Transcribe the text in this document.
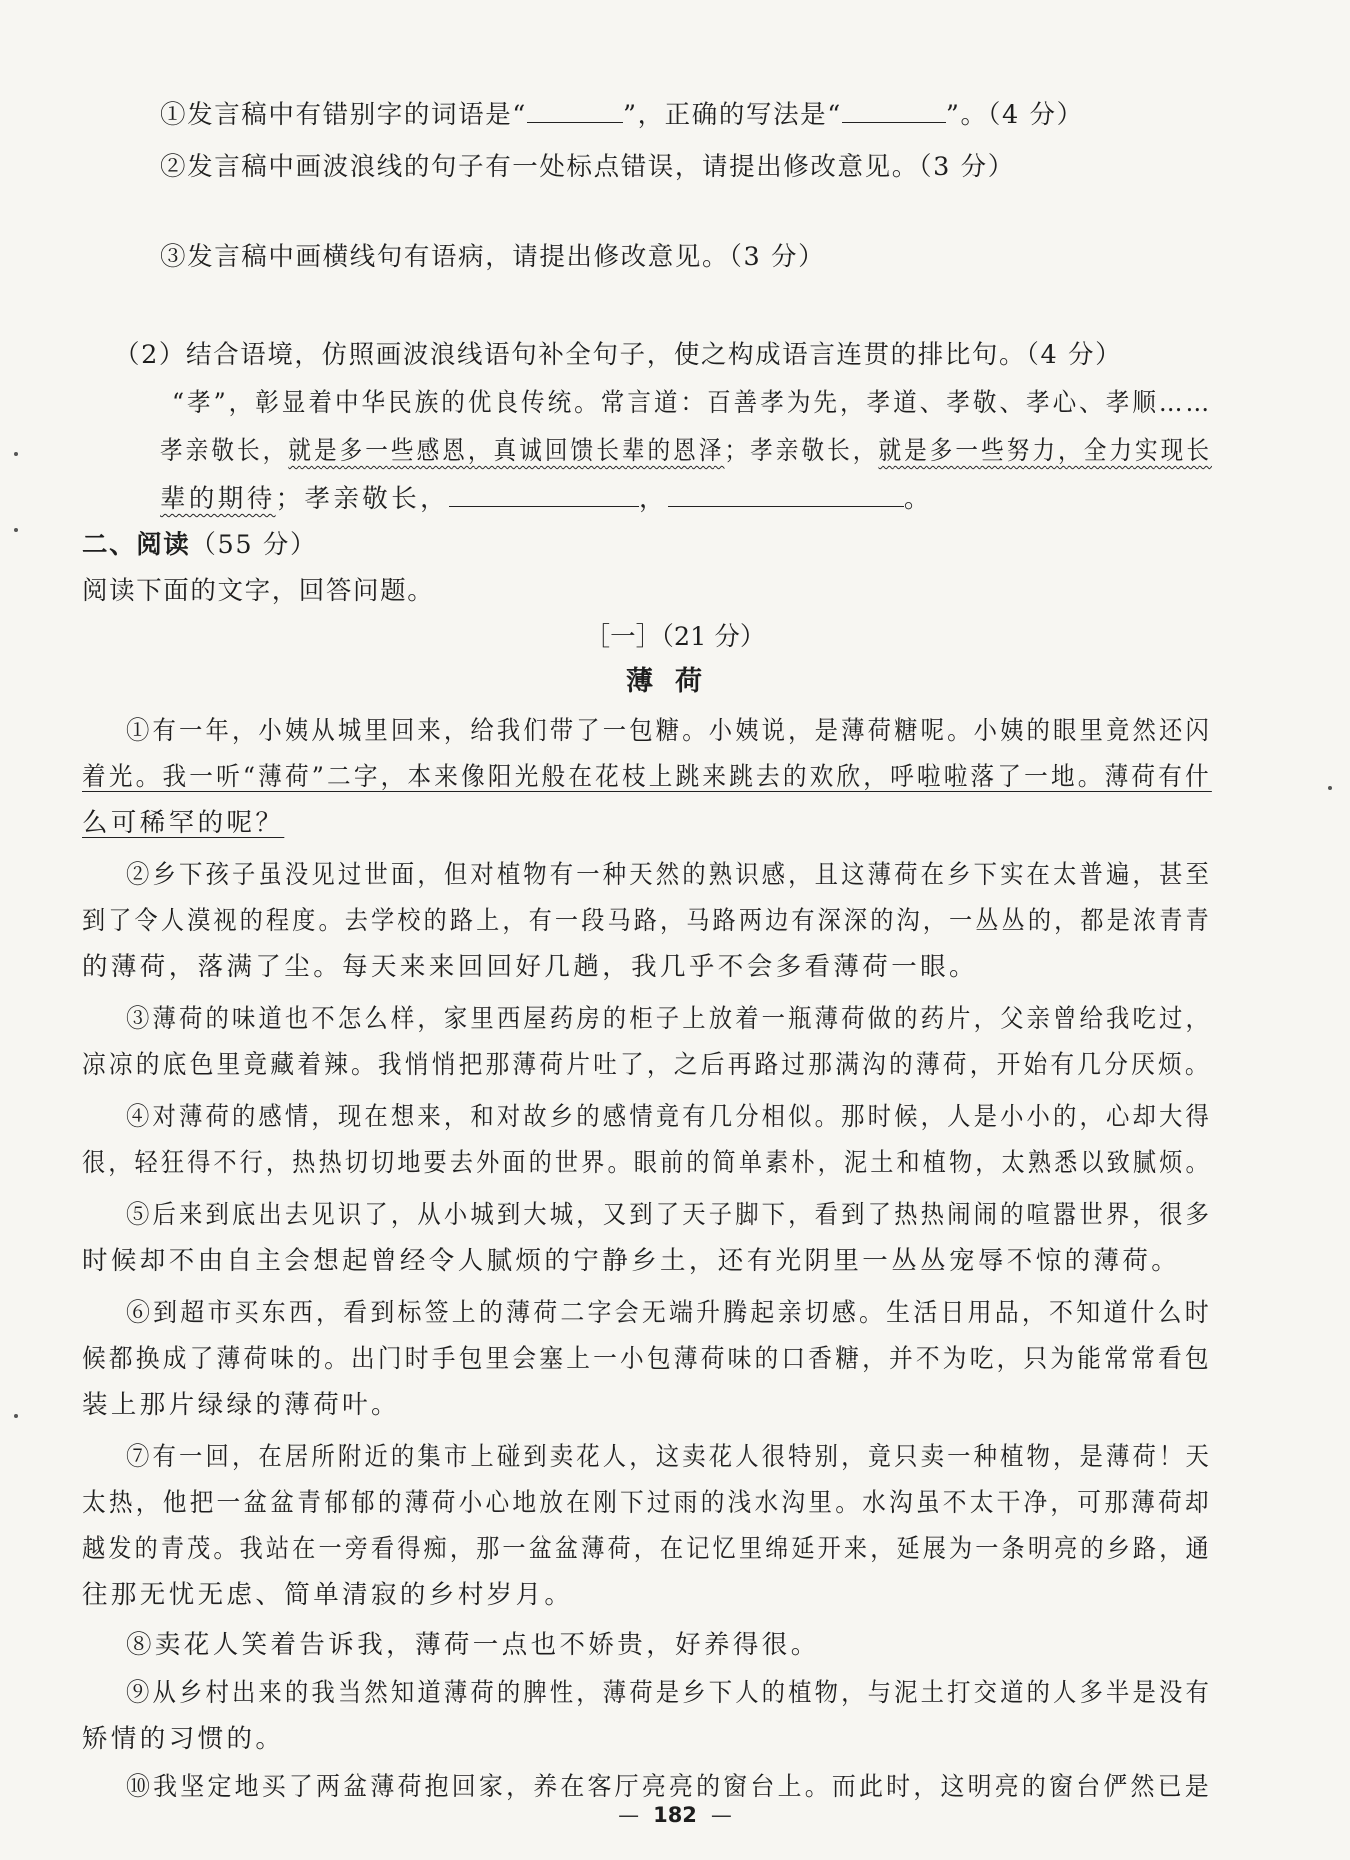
①发言稿中有错别字的词语是“	”，正确的写法是“	”。（4 分）
②发言稿中画波浪线的句子有一处标点错误，请提出修改意见。（3 分）
③发言稿中画横线句有语病，请提出修改意见。（3 分）
（2）结合语境，仿照画波浪线语句补全句子，使之构成语言连贯的排比句。（4 分）
“孝”，彰显着中华民族的优良传统。常言道：百善孝为先，孝道、孝敬、孝心、孝顺……
孝亲敬长，就是多一些感恩，真诚回馈长辈的恩泽；孝亲敬长，就是多一些努力，全力实现长
辈的期待；孝亲敬长，	，	。
二、阅读（55 分）
阅读下面的文字，回答问题。
［一］（21 分）
薄荷
①有一年，小姨从城里回来，给我们带了一包糖。小姨说，是薄荷糖呢。小姨的眼里竟然还闪
着光。我一听“薄荷”二字，本来像阳光般在花枝上跳来跳去的欢欣，呼啦啦落了一地。薄荷有什
么可稀罕的呢？
②乡下孩子虽没见过世面，但对植物有一种天然的熟识感，且这薄荷在乡下实在太普遍，甚至
到了令人漠视的程度。去学校的路上，有一段马路，马路两边有深深的沟，一丛丛的，都是浓青青
的薄荷，落满了尘。每天来来回回好几趟，我几乎不会多看薄荷一眼。
③薄荷的味道也不怎么样，家里西屋药房的柜子上放着一瓶薄荷做的药片，父亲曾给我吃过，
凉凉的底色里竟藏着辣。我悄悄把那薄荷片吐了，之后再路过那满沟的薄荷，开始有几分厌烦。
④对薄荷的感情，现在想来，和对故乡的感情竟有几分相似。那时候，人是小小的，心却大得
很，轻狂得不行，热热切切地要去外面的世界。眼前的简单素朴，泥土和植物，太熟悉以致腻烦。
⑤后来到底出去见识了，从小城到大城，又到了天子脚下，看到了热热闹闹的喧嚣世界，很多
时候却不由自主会想起曾经令人腻烦的宁静乡土，还有光阴里一丛丛宠辱不惊的薄荷。
⑥到超市买东西，看到标签上的薄荷二字会无端升腾起亲切感。生活日用品，不知道什么时
候都换成了薄荷味的。出门时手包里会塞上一小包薄荷味的口香糖，并不为吃，只为能常常看包
装上那片绿绿的薄荷叶。
⑦有一回，在居所附近的集市上碰到卖花人，这卖花人很特别，竟只卖一种植物，是薄荷！天
太热，他把一盆盆青郁郁的薄荷小心地放在刚下过雨的浅水沟里。水沟虽不太干净，可那薄荷却
越发的青茂。我站在一旁看得痴，那一盆盆薄荷，在记忆里绵延开来，延展为一条明亮的乡路，通
往那无忧无虑、简单清寂的乡村岁月。
⑧卖花人笑着告诉我，薄荷一点也不娇贵，好养得很。
⑨从乡村出来的我当然知道薄荷的脾性，薄荷是乡下人的植物，与泥土打交道的人多半是没有
矫情的习惯的。
⑩我坚定地买了两盆薄荷抱回家，养在客厅亮亮的窗台上。而此时，这明亮的窗台俨然已是
— 182 —
